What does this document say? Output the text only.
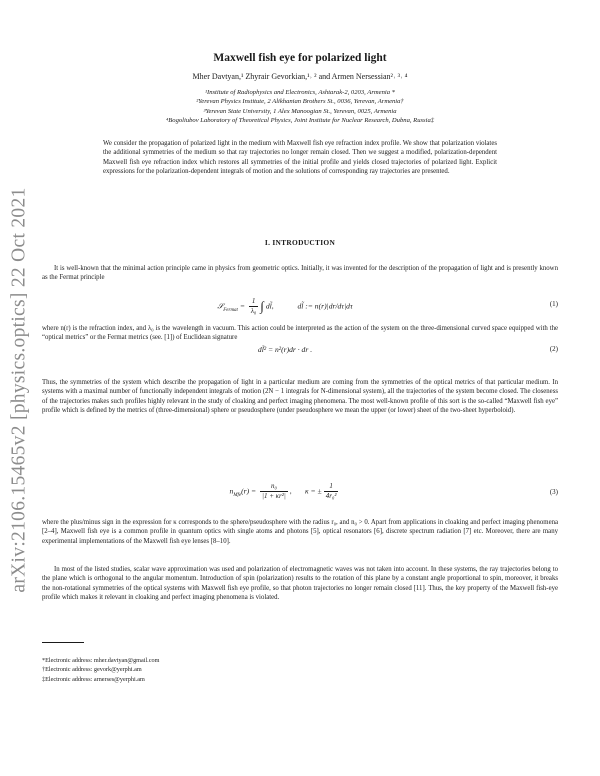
arXiv:2106.15465v2 [physics.optics] 22 Oct 2021
Maxwell fish eye for polarized light
Mher Davtyan,¹ Zhyrair Gevorkian,¹˒ ² and Armen Nersessian²˒ ³˒ ⁴
¹Institute of Radiophysics and Electronics, Ashtarak-2, 0203, Armenia *
²Yerevan Physics Institute, 2 Alikhanian Brothers St., 0036, Yerevan, Armenia†
³Yerevan State University, 1 Alex Manoogian St., Yerevan, 0025, Armenia
⁴Bogoliubov Laboratory of Theoretical Physics, Joint Institute for Nuclear Research, Dubna, Russia‡
We consider the propagation of polarized light in the medium with Maxwell fish eye refraction index profile. We show that polarization violates the additional symmetries of the medium so that ray trajectories no longer remain closed. Then we suggest a modified, polarization-dependent Maxwell fish eye refraction index which restores all symmetries of the initial profile and yields closed trajectories of polarized light. Explicit expressions for the polarization-dependent integrals of motion and the solutions of corresponding ray trajectories are presented.
I. INTRODUCTION
It is well-known that the minimal action principle came in physics from geometric optics. Initially, it was invented for the description of the propagation of light and is presently known as the Fermat principle
𝒮$_{Fermat}$ = $\frac{1}{\text{λ₀}}$ ∫ dl̃,	dl̃ := n(r)|dr/dτ|dτ	(1)
where n(r) is the refraction index, and λ₀ is the wavelength in vacuum. This action could be interpreted as the action of the system on the three-dimensional curved space equipped with the “optical metrics” or the Fermat metrics (see. [1]) of Euclidean signature
dl̃² = n²(r)dr · dr .	(2)
Thus, the symmetries of the system which describe the propagation of light in a particular medium are coming from the symmetries of the optical metrics of that particular medium. In systems with a maximal number of functionally independent integrals of motion (2N − 1 integrals for N-dimensional system), all the trajectories of the system become closed. The closeness of the trajectories makes such profiles highly relevant in the study of cloaking and perfect imaging phenomena. The most well-known profile of this sort is the so-called “Maxwell fish eye” profile which is defined by the metrics of (three-dimensional) sphere or pseudosphere (under pseudosphere we mean the upper (or lower) sheet of the two-sheet hyperboloid).
$n_{Mfe}(r) = \frac{\text{n₀}}{\text{|1 + κr²|}}$ ,       κ = ± $\frac{1}{\text{4r₀²}}$	(3)
where the plus/minus sign in the expression for κ corresponds to the sphere/pseudosphere with the radius r₀, and n₀ > 0. Apart from applications in cloaking and perfect imaging phenomena [2–4], Maxwell fish eye is a common profile in quantum optics with single atoms and photons [5], optical resonators [6], discrete spectrum radiation [7] etc. Moreover, there are many experimental implementations of the Maxwell fish eye lenses [8–10].
In most of the listed studies, scalar wave approximation was used and polarization of electromagnetic waves was not taken into account. In these systems, the ray trajectories belong to the plane which is orthogonal to the angular momentum. Introduction of spin (polarization) results to the rotation of this plane by a constant angle proportional to spin, moreover, it breaks the non-rotational symmetries of the optical systems with Maxwell fish eye profile, so that photon trajectories no longer remain closed [11]. Thus, the key property of the Maxwell fish-eye profile which makes it relevant in cloaking and perfect imaging phenomena is violated.
*Electronic address: mher.davtyan@gmail.com
†Electronic address: gevork@yerphi.am
‡Electronic address: arnerses@yerphi.am
